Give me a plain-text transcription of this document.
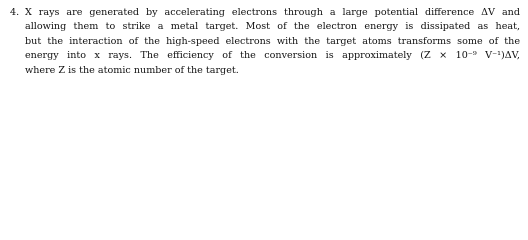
4. X rays are generated by accelerating electrons through a large potential difference ΔV and
allowing them to strike a metal target. Most of the electron energy is dissipated as heat,
but the interaction of the high-speed electrons with the target atoms transforms some of the
energy into x rays. The efficiency of the conversion is approximately (Z × 10⁻⁹ V⁻¹)ΔV,
where Z is the atomic number of the target.
